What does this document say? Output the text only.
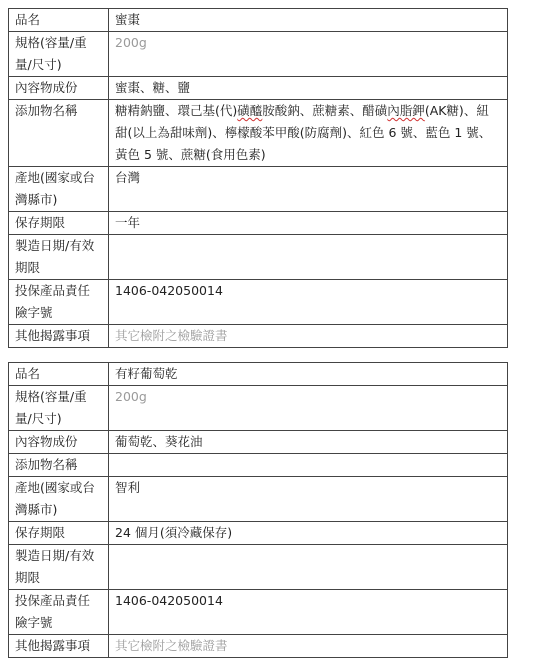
品名	蜜棗
規格(容量/重量/尺寸)	200g
內容物成份	蜜棗、糖、鹽
添加物名稱	糖精鈉鹽、環己基(代)磺醯胺酸鈉、蔗糖素、醋磺內脂鉀(AK糖)、紐甜(以上為甜味劑)、檸檬酸苯甲酸(防腐劑)、紅色 6 號、藍色 1 號、黃色 5 號、蔗糖(食用色素)
產地(國家或台灣縣市)	台灣
保存期限	一年
製造日期/有效期限	
投保產品責任險字號	1406-042050014
其他揭露事項	其它檢附之檢驗證書
品名	有籽葡萄乾
規格(容量/重量/尺寸)	200g
內容物成份	葡萄乾、葵花油
添加物名稱	
產地(國家或台灣縣市)	智利
保存期限	24 個月(須冷藏保存)
製造日期/有效期限	
投保產品責任險字號	1406-042050014
其他揭露事項	其它檢附之檢驗證書
